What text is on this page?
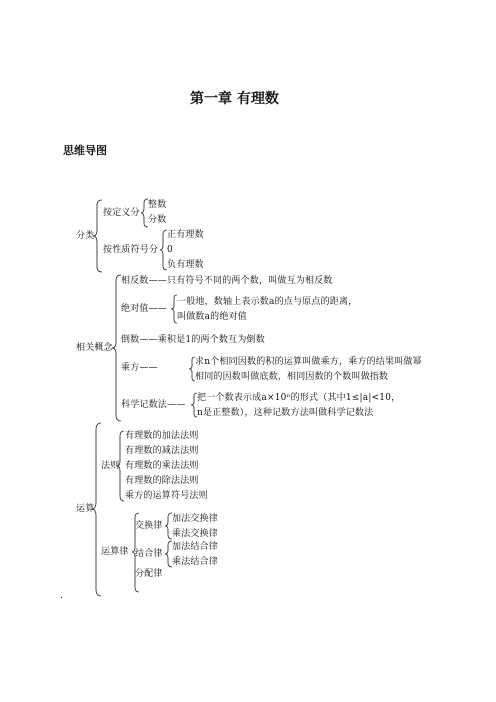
第一章 有理数
思维导图
分类
按定义分
整数
分数
按性质符号分
正有理数
0
负有理数
相关概念
相反数——只有符号不同的两个数，叫做互为相反数
绝对值——
一般地，数轴上表示数a的点与原点的距离，
叫做数a的绝对值
倒数——乘积是1的两个数互为倒数
乘方——
求n个相同因数的积的运算叫做乘方，乘方的结果叫做幂
相同的因数叫做底数，相同因数的个数叫做指数
科学记数法——
把一个数表示成a×10ⁿ的形式（其中1≤|a|<10，
n是正整数），这种记数方法叫做科学记数法
运算
法则
有理数的加法法则
有理数的减法法则
有理数的乘法法则
有理数的除法法则
乘方的运算符号法则
运算律
交换律
加法交换律
乘法交换律
结合律
加法结合律
乘法结合律
分配律
.
